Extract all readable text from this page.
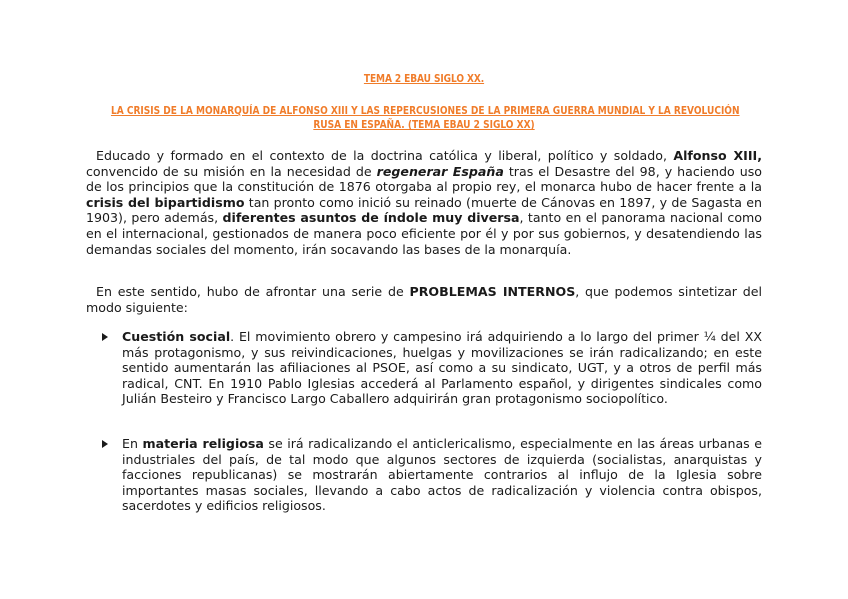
TEMA 2 EBAU SIGLO XX.
LA CRISIS DE LA MONARQUÍA DE ALFONSO XIII Y LAS REPERCUSIONES DE LA PRIMERA GUERRA MUNDIAL Y LA REVOLUCIÓN
RUSA EN ESPAÑA. (TEMA EBAU 2 SIGLO XX)
Educado y formado en el contexto de la doctrina católica y liberal, político y soldado, Alfonso XIII, convencido de su misión en la necesidad de regenerar España tras el Desastre del 98, y haciendo uso de los principios que la constitución de 1876 otorgaba al propio rey, el monarca hubo de hacer frente a la crisis del bipartidismo tan pronto como inició su reinado (muerte de Cánovas en 1897, y de Sagasta en 1903), pero además, diferentes asuntos de índole muy diversa, tanto en el panorama nacional como en el internacional, gestionados de manera poco eficiente por él y por sus gobiernos, y desatendiendo las demandas sociales del momento, irán socavando las bases de la monarquía.
En este sentido, hubo de afrontar una serie de PROBLEMAS INTERNOS, que podemos sintetizar del modo siguiente:
Cuestión social. El movimiento obrero y campesino irá adquiriendo a lo largo del primer ¼ del XX más protagonismo, y sus reivindicaciones, huelgas y movilizaciones se irán radicalizando; en este sentido aumentarán las afiliaciones al PSOE, así como a su sindicato, UGT, y a otros de perfil más radical, CNT. En 1910 Pablo Iglesias accederá al Parlamento español, y dirigentes sindicales como Julián Besteiro y Francisco Largo Caballero adquirirán gran protagonismo sociopolítico.
En materia religiosa se irá radicalizando el anticlericalismo, especialmente en las áreas urbanas e industriales del país, de tal modo que algunos sectores de izquierda (socialistas, anarquistas y facciones republicanas) se mostrarán abiertamente contrarios al influjo de la Iglesia sobre importantes masas sociales, llevando a cabo actos de radicalización y violencia contra obispos, sacerdotes y edificios religiosos.
